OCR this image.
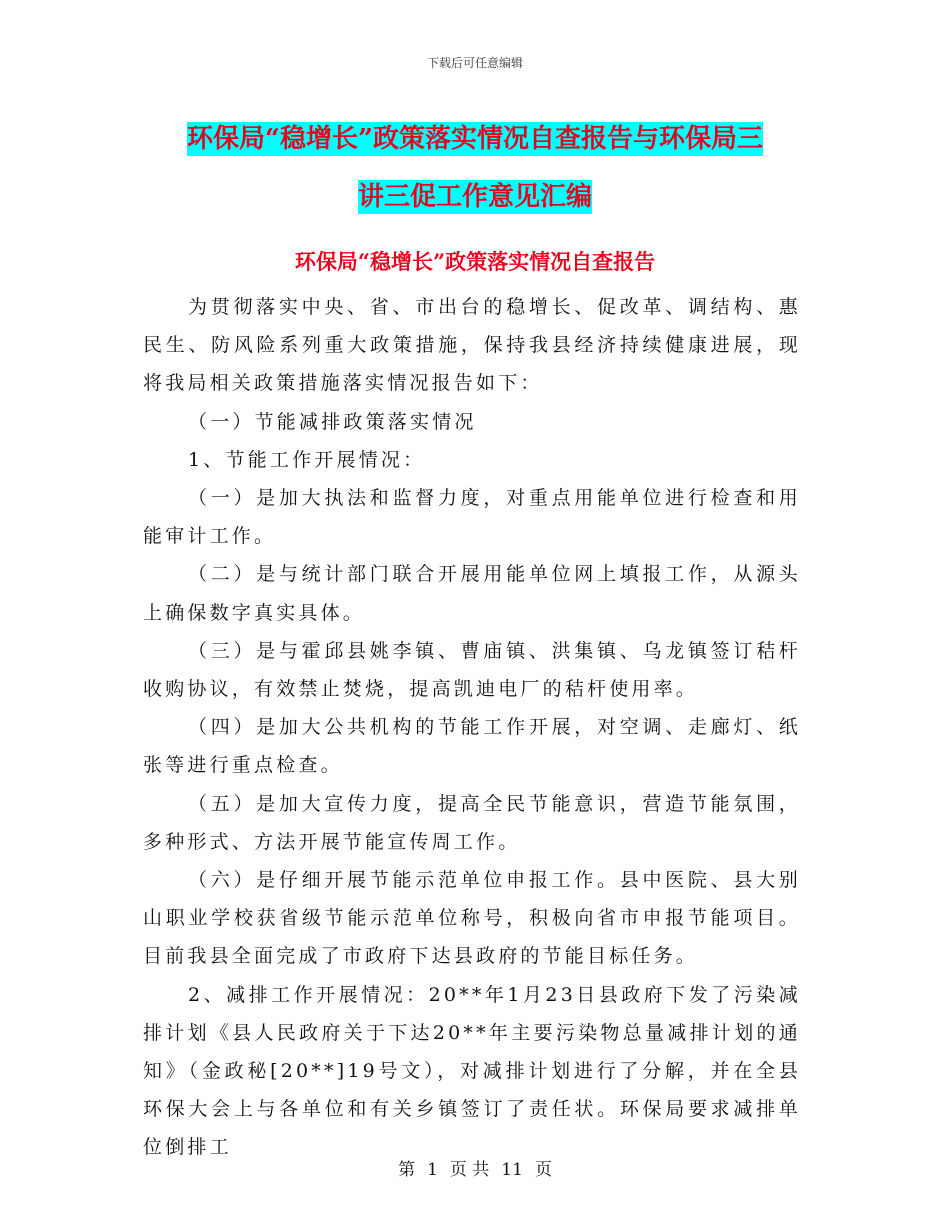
下载后可任意编辑
环保局“稳增长”政策落实情况自查报告与环保局三
讲三促工作意见汇编
环保局“稳增长”政策落实情况自查报告

为贯彻落实中央、省、市出台的稳增长、促改革、调结构、惠民生、防风险系列重大政策措施，保持我县经济持续健康进展，现将我局相关政策措施落实情况报告如下：

（一）节能减排政策落实情况

1、节能工作开展情况：

（一）是加大执法和监督力度，对重点用能单位进行检查和用能审计工作。

（二）是与统计部门联合开展用能单位网上填报工作，从源头上确保数字真实具体。

（三）是与霍邱县姚李镇、曹庙镇、洪集镇、乌龙镇签订秸杆收购协议，有效禁止焚烧，提高凯迪电厂的秸杆使用率。

（四）是加大公共机构的节能工作开展，对空调、走廊灯、纸张等进行重点检查。

（五）是加大宣传力度，提高全民节能意识，营造节能氛围，多种形式、方法开展节能宣传周工作。

（六）是仔细开展节能示范单位申报工作。县中医院、县大别山职业学校获省级节能示范单位称号，积极向省市申报节能项目。目前我县全面完成了市政府下达县政府的节能目标任务。

2、减排工作开展情况：20**年1月23日县政府下发了污染减排计划《县人民政府关于下达20**年主要污染物总量减排计划的通知》（金政秘[20**]19号文），对减排计划进行了分解，并在全县环保大会上与各单位和有关乡镇签订了责任状。环保局要求减排单位倒排工

第 1 页 共 11 页
